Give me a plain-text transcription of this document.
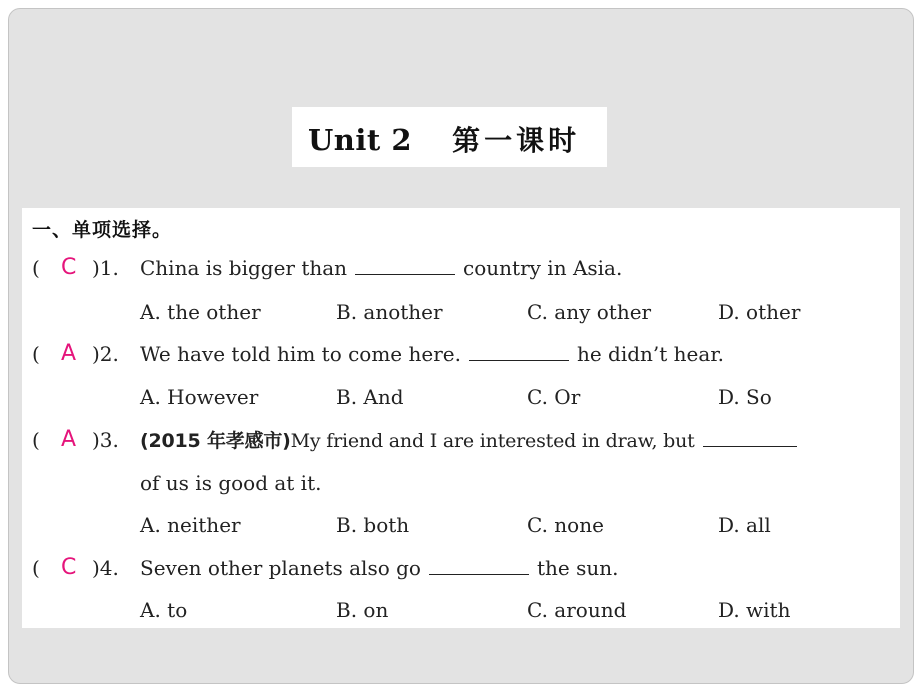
Unit 2 第一课时
一、单项选择。
( C )1. China is bigger than	country in Asia.
A. the other	B. another	C. any other	D. other
( A )2. We have told him to come here.	he didn’t hear.
A. However	B. And	C. Or	D. So
( A )3. (2015 年孝感市)My friend and I are interested in draw, but
of us is good at it.
A. neither	B. both	C. none	D. all
( C )4. Seven other planets also go	the sun.
A. to	B. on	C. around	D. with
